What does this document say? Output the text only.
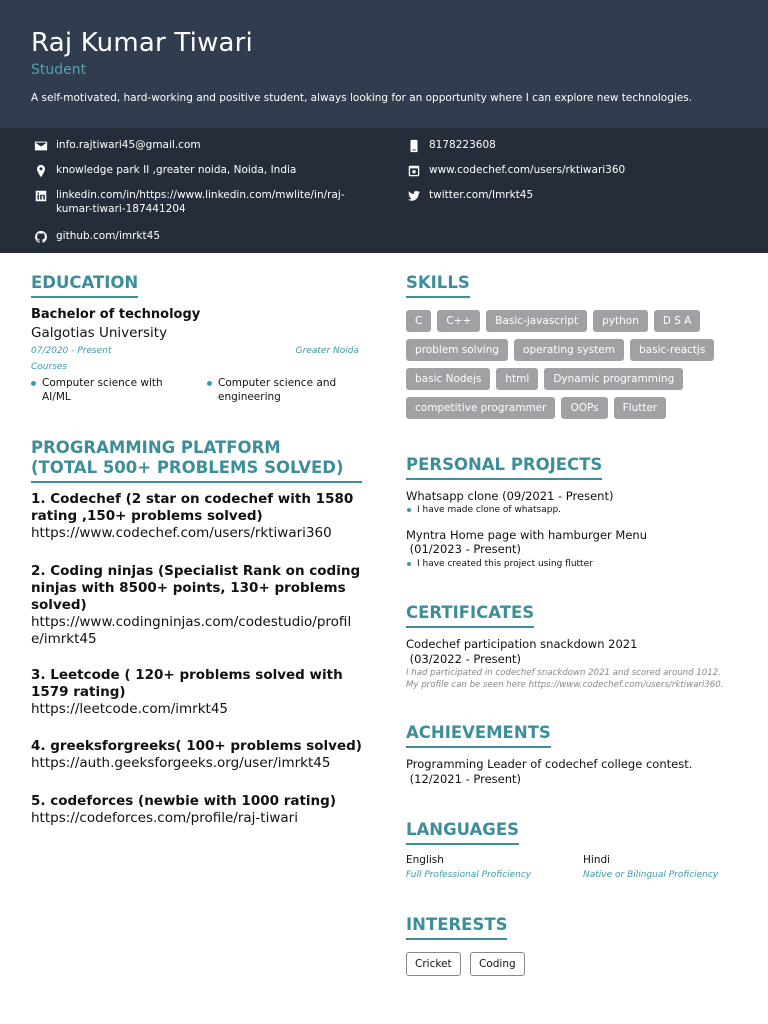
Raj Kumar Tiwari
Student
A self-motivated, hard-working and positive student, always looking for an opportunity where I can explore new technologies.
info.rajtiwari45@gmail.com	8178223608
knowledge park II ,greater noida, Noida, India	www.codechef.com/users/rktiwari360
linkedin.com/in/https://www.linkedin.com/mwlite/in/raj-kumar-tiwari-187441204
twitter.com/Imrkt45
github.com/imrkt45
EDUCATION
Bachelor of technology
Galgotias University
07/2020 - Present	Greater Noida
Courses
Computer science with AI/ML
Computer science and engineering
PROGRAMMING PLATFORM
(TOTAL 500+ PROBLEMS SOLVED)
1. Codechef (2 star on codechef with 1580 rating ,150+ problems solved)
https://www.codechef.com/users/rktiwari360
2. Coding ninjas (Specialist Rank on coding ninjas with 8500+ points, 130+ problems solved)
https://www.codingninjas.com/codestudio/profile/imrkt45
3. Leetcode ( 120+ problems solved with 1579 rating)
https://leetcode.com/imrkt45
4. greeksforgreeks( 100+ problems solved)
https://auth.geeksforgeeks.org/user/imrkt45
5. codeforces (newbie with 1000 rating)
https://codeforces.com/profile/raj-tiwari
SKILLS
C	C++	Basic-javascript	python	D S A
problem solving	operating system	basic-reactjs
basic Nodejs	html	Dynamic programming
competitive programmer	OOPs	Flutter
PERSONAL PROJECTS
Whatsapp clone (09/2021 - Present)
I have made clone of whatsapp.
Myntra Home page with hamburger Menu
(01/2023 - Present)
I have created this project using flutter
CERTIFICATES
Codechef participation snackdown 2021
(03/2022 - Present)
I had participated in codechef snackdown 2021 and scored around 1012.
My profile can be seen here https://www.codechef.com/users/rktiwari360.
ACHIEVEMENTS
Programming Leader of codechef college contest.
(12/2021 - Present)
LANGUAGES
English
Full Professional Proficiency
Hindi
Native or Bilingual Proficiency
INTERESTS
Cricket	Coding
